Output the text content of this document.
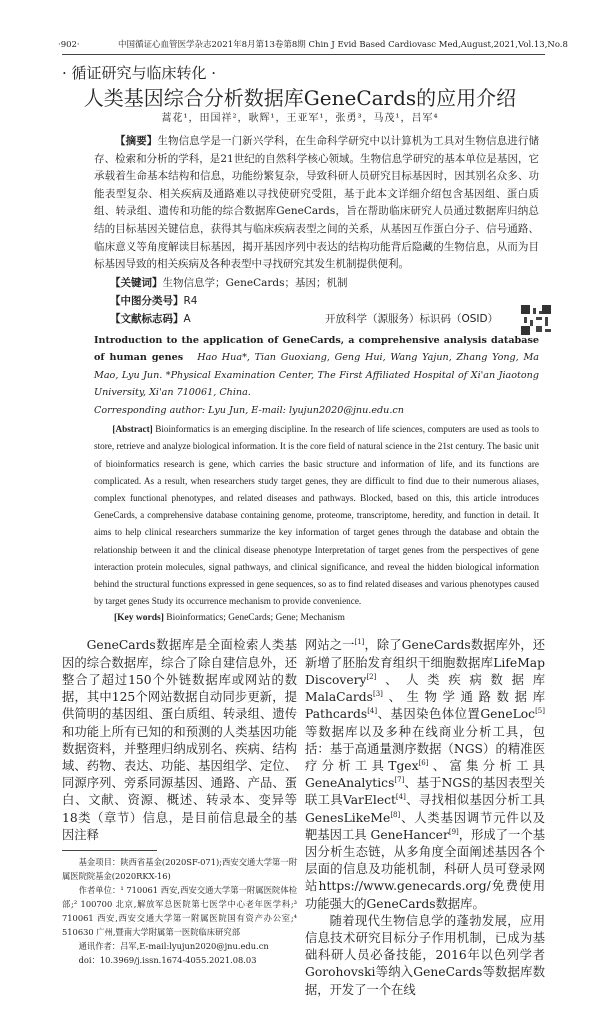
·902·	中国循证心血管医学杂志2021年8月第13卷第8期 Chin J Evid Based Cardiovasc Med,August,2021,Vol.13,No.8
· 循证研究与临床转化 ·
人类基因综合分析数据库GeneCards的应用介绍
蒿花¹，田国祥²，耿辉¹，王亚军¹，张勇³，马茂¹，吕军⁴
【摘要】生物信息学是一门新兴学科，在生命科学研究中以计算机为工具对生物信息进行储存、检索和分析的学科，是21世纪的自然科学核心领域。生物信息学研究的基本单位是基因，它承载着生命基本结构和信息，功能纷繁复杂，导致科研人员研究目标基因时，因其别名众多、功能表型复杂、相关疾病及通路难以寻找使研究受阻，基于此本文详细介绍包含基因组、蛋白质组、转录组、遗传和功能的综合数据库GeneCards，旨在帮助临床研究人员通过数据库归纳总结的目标基因关键信息，获得其与临床疾病表型之间的关系，从基因互作蛋白分子、信号通路、临床意义等角度解读目标基因，揭开基因序列中表达的结构功能背后隐藏的生物信息，从而为目标基因导致的相关疾病及各种表型中寻找研究其发生机制提供便利。
【关键词】生物信息学；GeneCards；基因；机制
【中图分类号】R4
【文献标志码】A	开放科学（源服务）标识码（OSID）
Introduction to the application of GeneCards, a comprehensive analysis database of human genes Hao Hua*, Tian Guoxiang, Geng Hui, Wang Yajun, Zhang Yong, Ma Mao, Lyu Jun. *Physical Examination Center, The First Affiliated Hospital of Xi'an Jiaotong University, Xi'an 710061, China.
Corresponding author: Lyu Jun, E-mail: lyujun2020@jnu.edu.cn
[Abstract] Bioinformatics is an emerging discipline. In the research of life sciences, computers are used as tools to store, retrieve and analyze biological information. It is the core field of natural science in the 21st century. The basic unit of bioinformatics research is gene, which carries the basic structure and information of life, and its functions are complicated. As a result, when researchers study target genes, they are difficult to find due to their numerous aliases, complex functional phenotypes, and related diseases and pathways. Blocked, based on this, this article introduces GeneCards, a comprehensive database containing genome, proteome, transcriptome, heredity, and function in detail. It aims to help clinical researchers summarize the key information of target genes through the database and obtain the relationship between it and the clinical disease phenotype Interpretation of target genes from the perspectives of gene interaction protein molecules, signal pathways, and clinical significance, and reveal the hidden biological information behind the structural functions expressed in gene sequences, so as to find related diseases and various phenotypes caused by target genes Study its occurrence mechanism to provide convenience.
[Key words] Bioinformatics; GeneCards; Gene; Mechanism

GeneCards数据库是全面检索人类基因的综合数据库，综合了除自建信息外，还整合了超过150个外链数据库或网站的数据，其中125个网站数据自动同步更新，提供简明的基因组、蛋白质组、转录组、遗传和功能上所有已知的和预测的人类基因功能数据资料，并整理归纳成别名、疾病、结构域、药物、表达、功能、基因组学、定位、同源序列、旁系同源基因、通路、产品、蛋白、文献、资源、概述、转录本、变异等18类（章节）信息，是目前信息最全的基因注释

基金项目：陕西省基金(2020SF-071);西安交通大学第一附属医院院基金(2020RKX-16)

作者单位：¹ 710061 西安,西安交通大学第一附属医院体检部;² 100700 北京,解放军总医院第七医学中心老年医学科;³ 710061 西安,西安交通大学第一附属医院国有资产办公室;⁴ 510630 广州,暨南大学附属第一医院临床研究部

通讯作者：吕军,E-mail:lyujun2020@jnu.edu.cn

doi：10.3969/j.issn.1674-4055.2021.08.03

网站之一[1]，除了GeneCards数据库外，还新增了胚胎发育组织干细胞数据库LifeMap Discovery[2]、人类疾病数据库MalaCards[3]、生物学通路数据库Pathcards[4]、基因染色体位置GeneLoc[5]等数据库以及多种在线商业分析工具，包括：基于高通量测序数据（NGS）的精准医疗分析工具Tgex[6]、富集分析工具GeneAnalytics[7]、基于NGS的基因表型关联工具VarElect[4]、寻找相似基因分析工具GenesLikeMe[8]、人类基因调节元件以及靶基因工具 GeneHancer[9]，形成了一个基因分析生态链，从多角度全面阐述基因各个层面的信息及功能机制，科研人员可登录网站https://www.genecards.org/免费使用功能强大的GeneCards数据库。

随着现代生物信息学的蓬勃发展，应用信息技术研究目标分子作用机制，已成为基础科研人员必备技能，2016年以色列学者Gorohovski等纳入GeneCards等数据库数据，开发了一个在线
